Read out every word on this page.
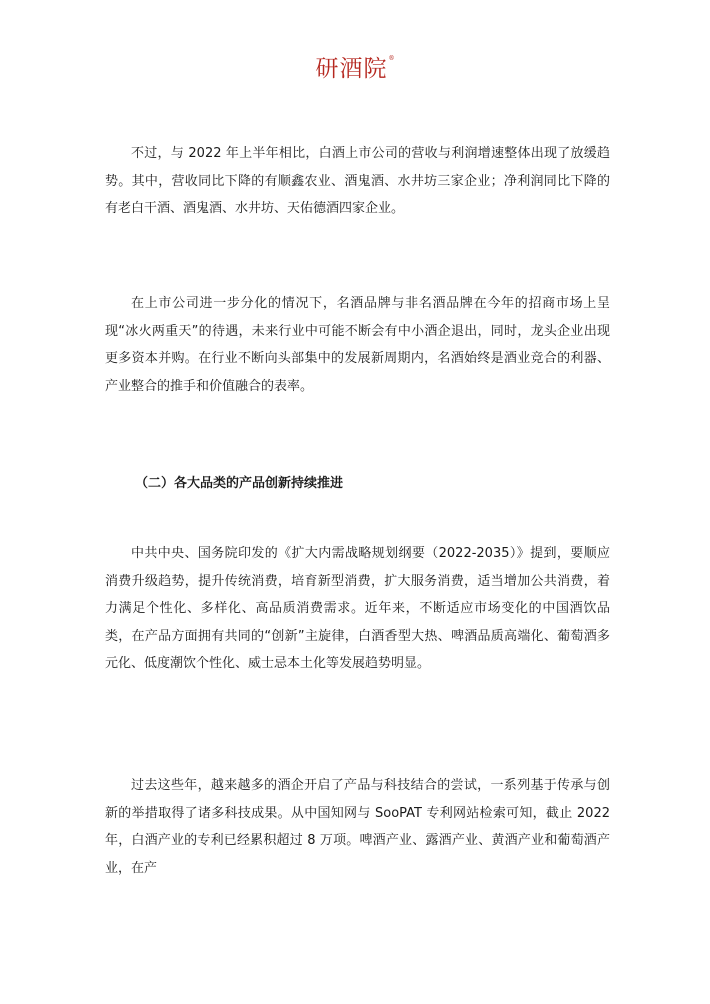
研酒院®

不过，与 2022 年上半年相比，白酒上市公司的营收与利润增速整体出现了放缓趋势。其中，营收同比下降的有顺鑫农业、酒鬼酒、水井坊三家企业；净利润同比下降的有老白干酒、酒鬼酒、水井坊、天佑德酒四家企业。

在上市公司进一步分化的情况下，名酒品牌与非名酒品牌在今年的招商市场上呈现“冰火两重天”的待遇，未来行业中可能不断会有中小酒企退出，同时，龙头企业出现更多资本并购。在行业不断向头部集中的发展新周期内，名酒始终是酒业竞合的利器、产业整合的推手和价值融合的表率。

（二）各大品类的产品创新持续推进

中共中央、国务院印发的《扩大内需战略规划纲要（2022-2035）》提到，要顺应消费升级趋势，提升传统消费，培育新型消费，扩大服务消费，适当增加公共消费，着力满足个性化、多样化、高品质消费需求。近年来，不断适应市场变化的中国酒饮品类，在产品方面拥有共同的“创新”主旋律，白酒香型大热、啤酒品质高端化、葡萄酒多元化、低度潮饮个性化、威士忌本土化等发展趋势明显。

过去这些年，越来越多的酒企开启了产品与科技结合的尝试，一系列基于传承与创新的举措取得了诸多科技成果。从中国知网与 SooPAT 专利网站检索可知，截止 2022 年，白酒产业的专利已经累积超过 8 万项。啤酒产业、露酒产业、黄酒产业和葡萄酒产业，在产
